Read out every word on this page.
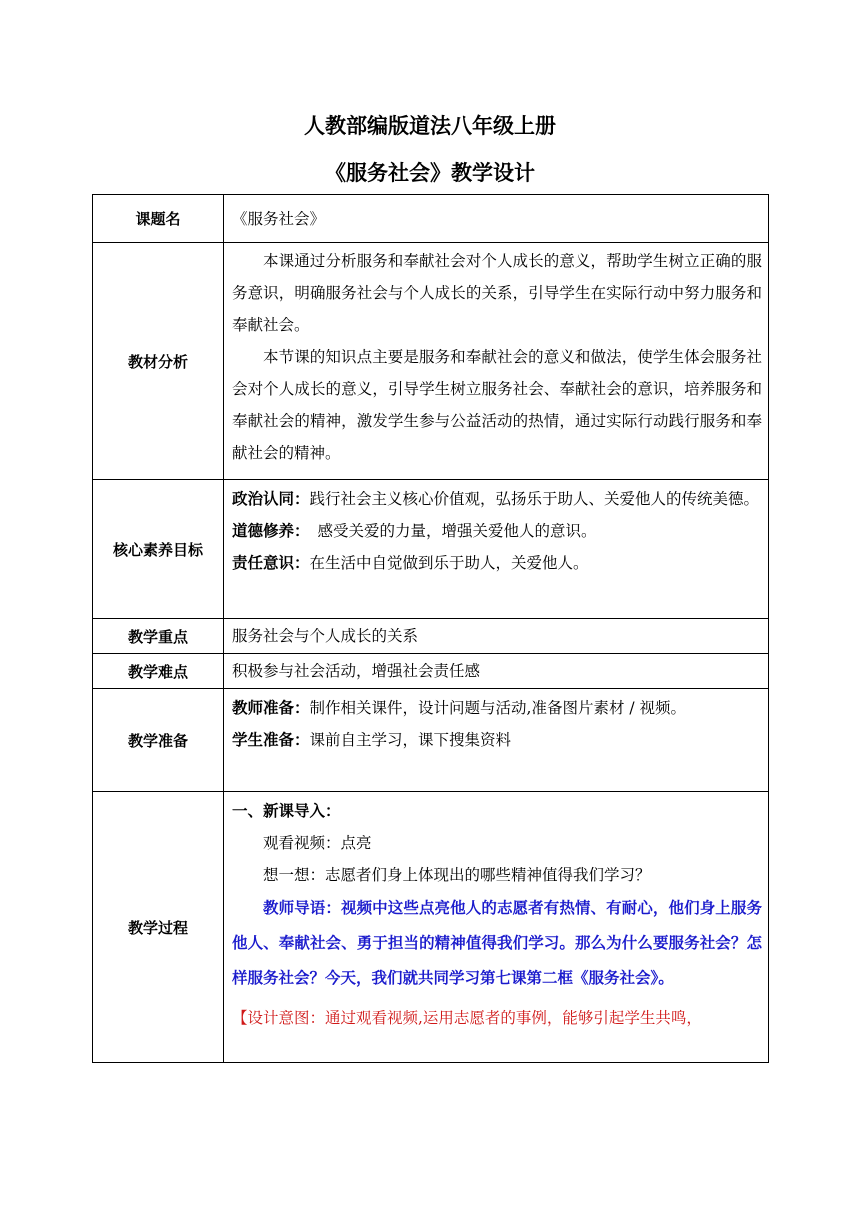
人教部编版道法八年级上册
《服务社会》教学设计
课题名	《服务社会》

教材分析	本课通过分析服务和奉献社会对个人成长的意义，帮助学生树立正确的服务意识，明确服务社会与个人成长的关系，引导学生在实际行动中努力服务和奉献社会。
本节课的知识点主要是服务和奉献社会的意义和做法，使学生体会服务社会对个人成长的意义，引导学生树立服务社会、奉献社会的意识，培养服务和奉献社会的精神，激发学生参与公益活动的热情，通过实际行动践行服务和奉献社会的精神。

核心素养目标	政治认同：践行社会主义核心价值观，弘扬乐于助人、关爱他人的传统美德。
道德修养： 感受关爱的力量，增强关爱他人的意识。
责任意识：在生活中自觉做到乐于助人，关爱他人。

教学重点	服务社会与个人成长的关系

教学难点	积极参与社会活动，增强社会责任感

教学准备	教师准备：制作相关课件，设计问题与活动,准备图片素材 / 视频。
学生准备：课前自主学习，课下搜集资料

教学过程	一、新课导入：
观看视频：点亮
想一想：志愿者们身上体现出的哪些精神值得我们学习？
教师导语：视频中这些点亮他人的志愿者有热情、有耐心，他们身上服务他人、奉献社会、勇于担当的精神值得我们学习。那么为什么要服务社会？怎样服务社会？今天，我们就共同学习第七课第二框《服务社会》。
【设计意图：通过观看视频,运用志愿者的事例，能够引起学生共鸣，
